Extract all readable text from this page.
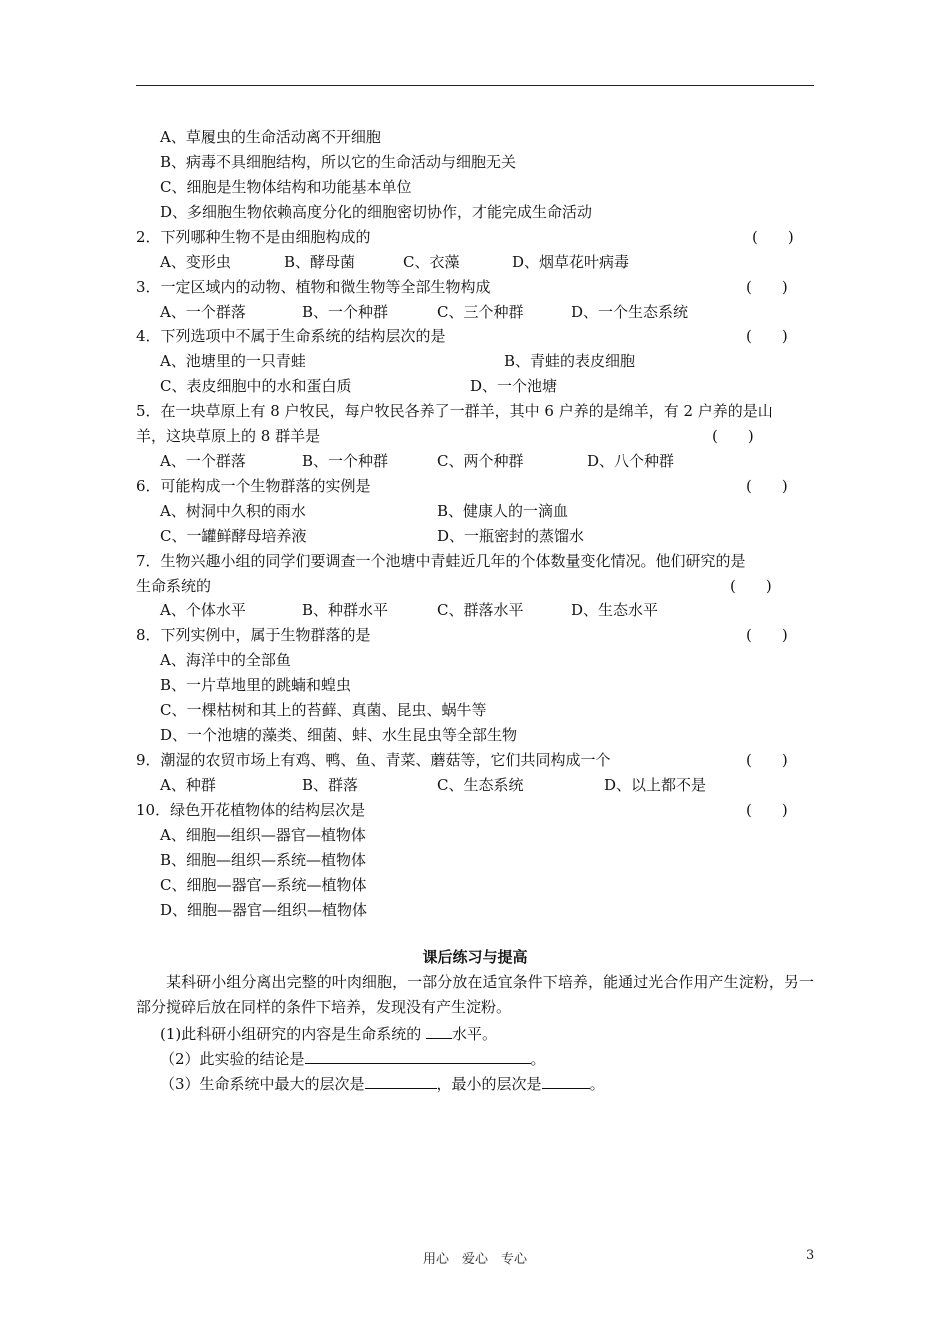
A、草履虫的生命活动离不开细胞
B、病毒不具细胞结构，所以它的生命活动与细胞无关
C、细胞是生物体结构和功能基本单位
D、多细胞生物依赖高度分化的细胞密切协作，才能完成生命活动
2．下列哪种生物不是由细胞构成的	(　　)
A、变形虫	B、酵母菌	C、衣藻	D、烟草花叶病毒
3．一定区域内的动物、植物和微生物等全部生物构成	(　　)
A、一个群落	B、一个种群	C、三个种群	D、一个生态系统
4．下列选项中不属于生命系统的结构层次的是	(　　)
A、池塘里的一只青蛙	B、青蛙的表皮细胞
C、表皮细胞中的水和蛋白质	D、一个池塘
5．在一块草原上有 8 户牧民，每户牧民各养了一群羊，其中 6 户养的是绵羊，有 2 户养的是山
羊，这块草原上的 8 群羊是	(　　)
A、一个群落	B、一个种群	C、两个种群	D、八个种群
6．可能构成一个生物群落的实例是	(　　)
A、树洞中久积的雨水	B、健康人的一滴血
C、一罐鲜酵母培养液	D、一瓶密封的蒸馏水
7．生物兴趣小组的同学们要调查一个池塘中青蛙近几年的个体数量变化情况。他们研究的是
生命系统的	(　　)
A、个体水平	B、种群水平	C、群落水平	D、生态水平
8．下列实例中，属于生物群落的是	(　　)
A、海洋中的全部鱼
B、一片草地里的跳蝻和蝗虫
C、一棵枯树和其上的苔藓、真菌、昆虫、蜗牛等
D、一个池塘的藻类、细菌、蚌、水生昆虫等全部生物
9．潮湿的农贸市场上有鸡、鸭、鱼、青菜、蘑菇等，它们共同构成一个	(　　)
A、种群	B、群落	C、生态系统	D、以上都不是
10．绿色开花植物体的结构层次是	(　　)
A、细胞—组织—器官—植物体
B、细胞—组织—系统—植物体
C、细胞—器官—系统—植物体
D、细胞—器官—组织—植物体
课后练习与提高
某科研小组分离出完整的叶肉细胞，一部分放在适宜条件下培养，能通过光合作用产生淀粉，另一部分搅碎后放在同样的条件下培养，发现没有产生淀粉。
(1)此科研小组研究的内容是生命系统的 水平。
（2）此实验的结论是	。
（3）生命系统中最大的层次是	，最小的层次是	。
用心　爱心　专心	3
